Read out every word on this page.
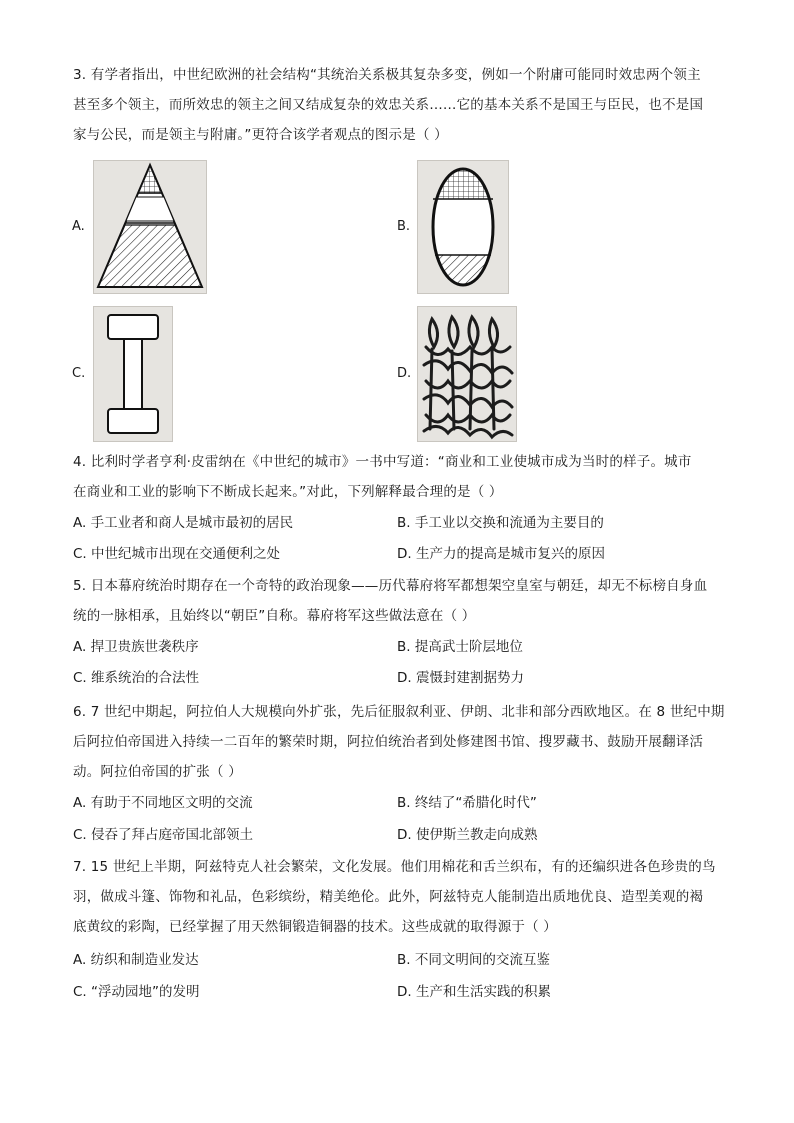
3. 有学者指出，中世纪欧洲的社会结构“其统治关系极其复杂多变，例如一个附庸可能同时效忠两个领主
甚至多个领主，而所效忠的领主之间又结成复杂的效忠关系……它的基本关系不是国王与臣民，也不是国
家与公民，而是领主与附庸。”更符合该学者观点的图示是（ ）
A.	B.
C.	D.
4. 比利时学者亨利·皮雷纳在《中世纪的城市》一书中写道：“商业和工业使城市成为当时的样子。城市
在商业和工业的影响下不断成长起来。”对此，下列解释最合理的是（ ）
A. 手工业者和商人是城市最初的居民	B. 手工业以交换和流通为主要目的
C. 中世纪城市出现在交通便利之处	D. 生产力的提高是城市复兴的原因
5. 日本幕府统治时期存在一个奇特的政治现象——历代幕府将军都想架空皇室与朝廷，却无不标榜自身血
统的一脉相承，且始终以“朝臣”自称。幕府将军这些做法意在（ ）
A. 捍卫贵族世袭秩序	B. 提高武士阶层地位
C. 维系统治的合法性	D. 震慑封建割据势力
6. 7 世纪中期起，阿拉伯人大规模向外扩张，先后征服叙利亚、伊朗、北非和部分西欧地区。在 8 世纪中期
后阿拉伯帝国进入持续一二百年的繁荣时期，阿拉伯统治者到处修建图书馆、搜罗藏书、鼓励开展翻译活
动。阿拉伯帝国的扩张（ ）
A. 有助于不同地区文明的交流	B. 终结了“希腊化时代”
C. 侵吞了拜占庭帝国北部领土	D. 使伊斯兰教走向成熟
7. 15 世纪上半期，阿兹特克人社会繁荣，文化发展。他们用棉花和舌兰织布，有的还编织进各色珍贵的鸟
羽，做成斗篷、饰物和礼品，色彩缤纷，精美绝伦。此外，阿兹特克人能制造出质地优良、造型美观的褐
底黄纹的彩陶，已经掌握了用天然铜锻造铜器的技术。这些成就的取得源于（ ）
A. 纺织和制造业发达	B. 不同文明间的交流互鉴
C. “浮动园地”的发明	D. 生产和生活实践的积累
